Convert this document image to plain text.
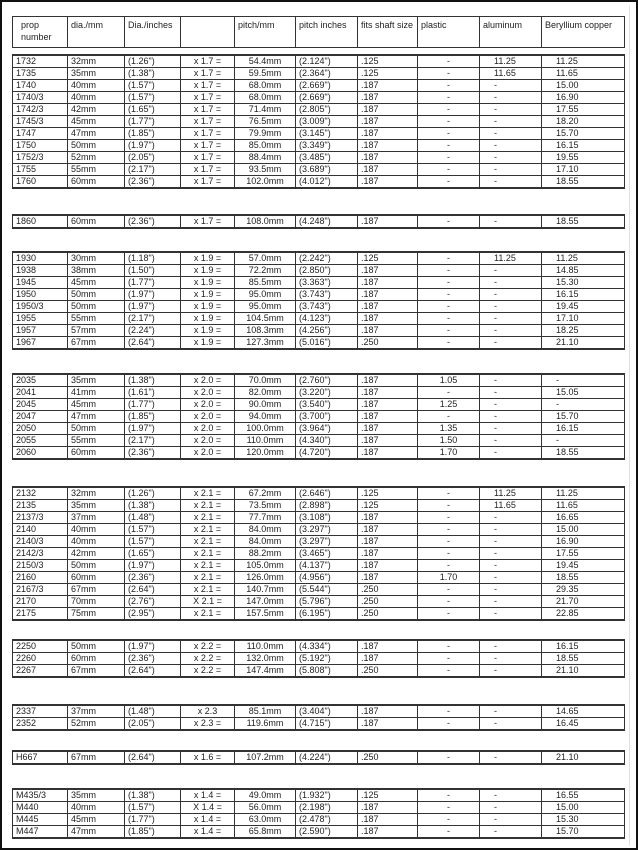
prop number	dia./mm	Dia./inches		pitch/mm	pitch inches	fits shaft size	plastic	aluminum	Beryllium copper
1732	32mm	(1.26")	x 1.7 =	54.4mm	(2.124")	.125	-	11.25	11.25
1735	35mm	(1.38")	x 1.7 =	59.5mm	(2.364")	.125	-	11.65	11.65
1740	40mm	(1.57")	x 1.7 =	68.0mm	(2.669")	.187	-	-	15.00
1740/3	40mm	(1.57")	x 1.7 =	68.0mm	(2.669")	.187	-	-	16.90
1742/3	42mm	(1.65")	x 1.7 =	71.4mm	(2.805")	.187	-	-	17.55
1745/3	45mm	(1.77")	x 1.7 =	76.5mm	(3.009")	.187	-	-	18.20
1747	47mm	(1.85")	x 1.7 =	79.9mm	(3.145")	.187	-	-	15.70
1750	50mm	(1.97")	x 1.7 =	85.0mm	(3.349")	.187	-	-	16.15
1752/3	52mm	(2.05")	x 1.7 =	88.4mm	(3.485")	.187	-	-	19.55
1755	55mm	(2.17")	x 1.7 =	93.5mm	(3.689")	.187	-	-	17.10
1760	60mm	(2.36")	x 1.7 =	102.0mm	(4.012")	.187	-	-	18.55
1860	60mm	(2.36")	x 1.7 =	108.0mm	(4.248")	.187	-	-	18.55
1930	30mm	(1.18")	x 1.9 =	57.0mm	(2.242")	.125	-	11.25	11.25
1938	38mm	(1.50")	x 1.9 =	72.2mm	(2.850")	.187	-	-	14.85
1945	45mm	(1.77")	x 1.9 =	85.5mm	(3.363")	.187	-	-	15.30
1950	50mm	(1.97")	x 1.9 =	95.0mm	(3.743")	.187	-	-	16.15
1950/3	50mm	(1.97")	x 1.9 =	95.0mm	(3.743")	.187	-	-	19.45
1955	55mm	(2.17")	x 1.9 =	104.5mm	(4.123")	.187	-	-	17.10
1957	57mm	(2.24")	x 1.9 =	108.3mm	(4.256")	.187	-	-	18.25
1967	67mm	(2.64")	x 1.9 =	127.3mm	(5.016")	.250	-	-	21.10
2035	35mm	(1.38")	x 2.0 =	70.0mm	(2.760")	.187	1.05	-	-
2041	41mm	(1.61")	x 2.0 =	82.0mm	(3.220")	.187	-	-	15.05
2045	45mm	(1.77")	x 2.0 =	90.0mm	(3.540")	.187	1.25	-	-
2047	47mm	(1.85")	x 2.0 =	94.0mm	(3.700")	.187	-	-	15.70
2050	50mm	(1.97")	x 2.0 =	100.0mm	(3.964")	.187	1.35	-	16.15
2055	55mm	(2.17")	x 2.0 =	110.0mm	(4.340")	.187	1.50	-	-
2060	60mm	(2.36")	x 2.0 =	120.0mm	(4.720")	.187	1.70	-	18.55
2132	32mm	(1.26")	x 2.1 =	67.2mm	(2.646")	.125	-	11.25	11.25
2135	35mm	(1.38")	x 2.1 =	73.5mm	(2.898")	.125	-	11.65	11.65
2137/3	37mm	(1.48")	x 2.1 =	77.7mm	(3.108")	.187	-	-	16.65
2140	40mm	(1.57")	x 2.1 =	84.0mm	(3.297")	.187	-	-	15.00
2140/3	40mm	(1.57")	x 2.1 =	84.0mm	(3.297")	.187	-	-	16.90
2142/3	42mm	(1.65")	x 2.1 =	88.2mm	(3.465")	.187	-	-	17.55
2150/3	50mm	(1.97")	x 2.1 =	105.0mm	(4.137")	.187	-	-	19.45
2160	60mm	(2.36")	x 2.1 =	126.0mm	(4.956")	.187	1.70	-	18.55
2167/3	67mm	(2.64")	x 2.1 =	140.7mm	(5.544")	.250	-	-	29.35
2170	70mm	(2.76")	X 2.1 =	147.0mm	(5.796")	.250	-	-	21.70
2175	75mm	(2.95")	x 2.1 =	157.5mm	(6.195")	.250	-	-	22.85
2250	50mm	(1.97")	x 2.2 =	110.0mm	(4.334")	.187	-	-	16.15
2260	60mm	(2.36")	x 2.2 =	132.0mm	(5.192")	.187	-	-	18.55
2267	67mm	(2.64")	x 2.2 =	147.4mm	(5.808")	.250	-	-	21.10
2337	37mm	(1.48")	x 2.3	85.1mm	(3.404")	.187	-	-	14.65
2352	52mm	(2.05")	x 2.3 =	119.6mm	(4.715")	.187	-	-	16.45
H667	67mm	(2.64")	x 1.6 =	107.2mm	(4.224")	.250	-	-	21.10
M435/3	35mm	(1.38")	x 1.4 =	49.0mm	(1.932")	.125	-	-	16.55
M440	40mm	(1.57")	X 1.4 =	56.0mm	(2.198")	.187	-	-	15.00
M445	45mm	(1.77")	x 1.4 =	63.0mm	(2.478")	.187	-	-	15.30
M447	47mm	(1.85")	x 1.4 =	65.8mm	(2.590")	.187	-	-	15.70
